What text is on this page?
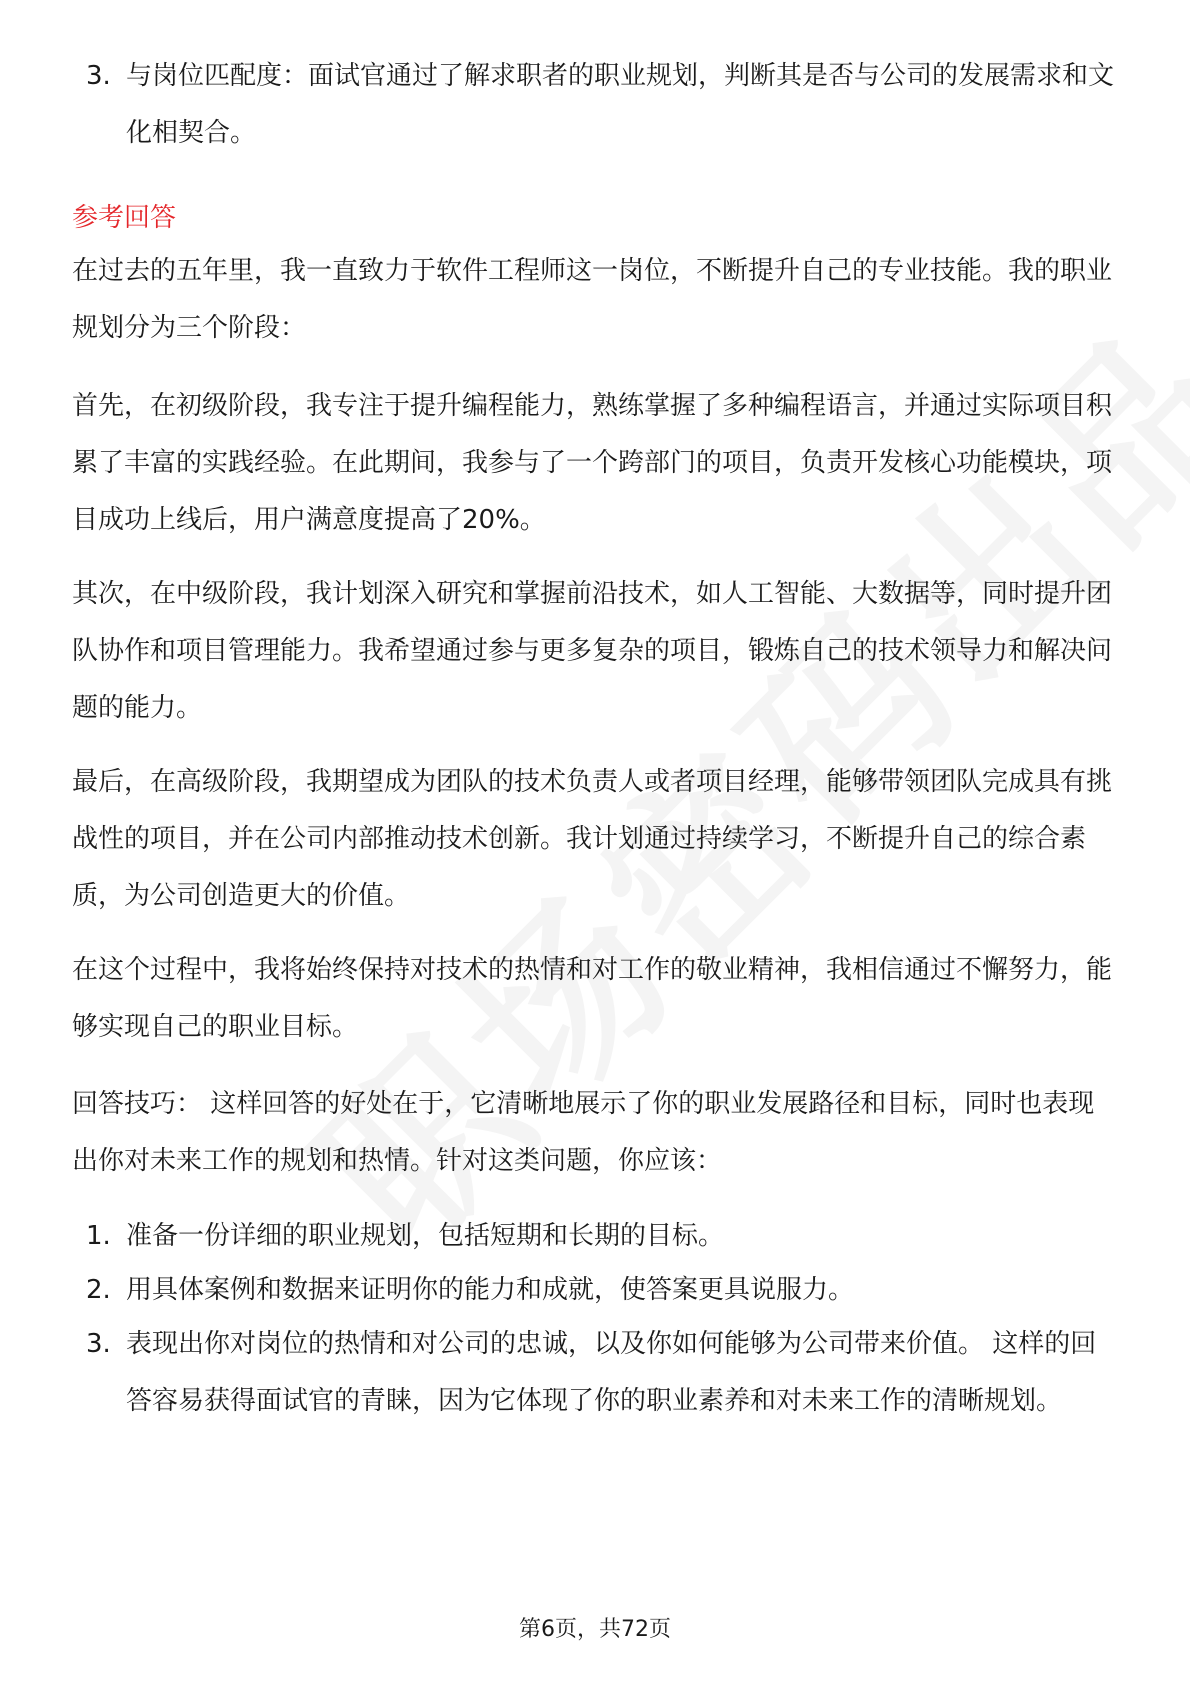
3. 与岗位匹配度：面试官通过了解求职者的职业规划，判断其是否与公司的发展需求和文化相契合。
参考回答

在过去的五年里，我一直致力于软件工程师这一岗位，不断提升自己的专业技能。我的职业规划分为三个阶段：

首先，在初级阶段，我专注于提升编程能力，熟练掌握了多种编程语言，并通过实际项目积累了丰富的实践经验。在此期间，我参与了一个跨部门的项目，负责开发核心功能模块，项目成功上线后，用户满意度提高了20%。

其次，在中级阶段，我计划深入研究和掌握前沿技术，如人工智能、大数据等，同时提升团队协作和项目管理能力。我希望通过参与更多复杂的项目，锻炼自己的技术领导力和解决问题的能力。

最后，在高级阶段，我期望成为团队的技术负责人或者项目经理，能够带领团队完成具有挑战性的项目，并在公司内部推动技术创新。我计划通过持续学习，不断提升自己的综合素质，为公司创造更大的价值。

在这个过程中，我将始终保持对技术的热情和对工作的敬业精神，我相信通过不懈努力，能够实现自己的职业目标。

回答技巧： 这样回答的好处在于，它清晰地展示了你的职业发展路径和目标，同时也表现出你对未来工作的规划和热情。针对这类问题，你应该：

1. 准备一份详细的职业规划，包括短期和长期的目标。
2. 用具体案例和数据来证明你的能力和成就，使答案更具说服力。
3. 表现出你对岗位的热情和对公司的忠诚，以及你如何能够为公司带来价值。 这样的回答容易获得面试官的青睐，因为它体现了你的职业素养和对未来工作的清晰规划。
第6页，共72页
